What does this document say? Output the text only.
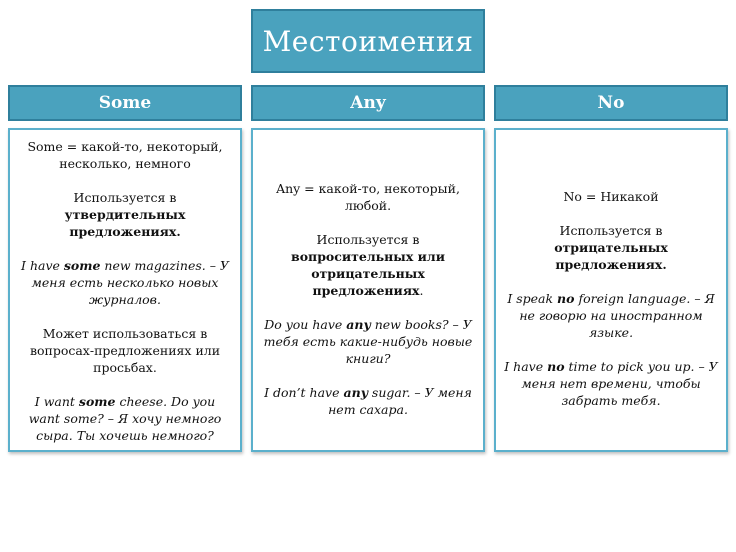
Местоимения
Some	Any	No

Some = какой-то, некоторый, несколько, немного

Используется в утвердительных предложениях.

I have some new magazines. – У меня есть несколько новых журналов.

Может использоваться в вопросах-предложениях или просьбах.

I want some cheese. Do you want some? – Я хочу немного сыра. Ты хочешь немного?

Any = какой-то, некоторый, любой.

Используется в вопросительных или отрицательных предложениях.

Do you have any new books? – У тебя есть какие-нибудь новые книги?

I don’t have any sugar. – У меня нет сахара.

No = Никакой

Используется в отрицательных предложениях.

I speak no foreign language. – Я не говорю на иностранном языке.

I have no time to pick you up. – У меня нет времени, чтобы забрать тебя.
